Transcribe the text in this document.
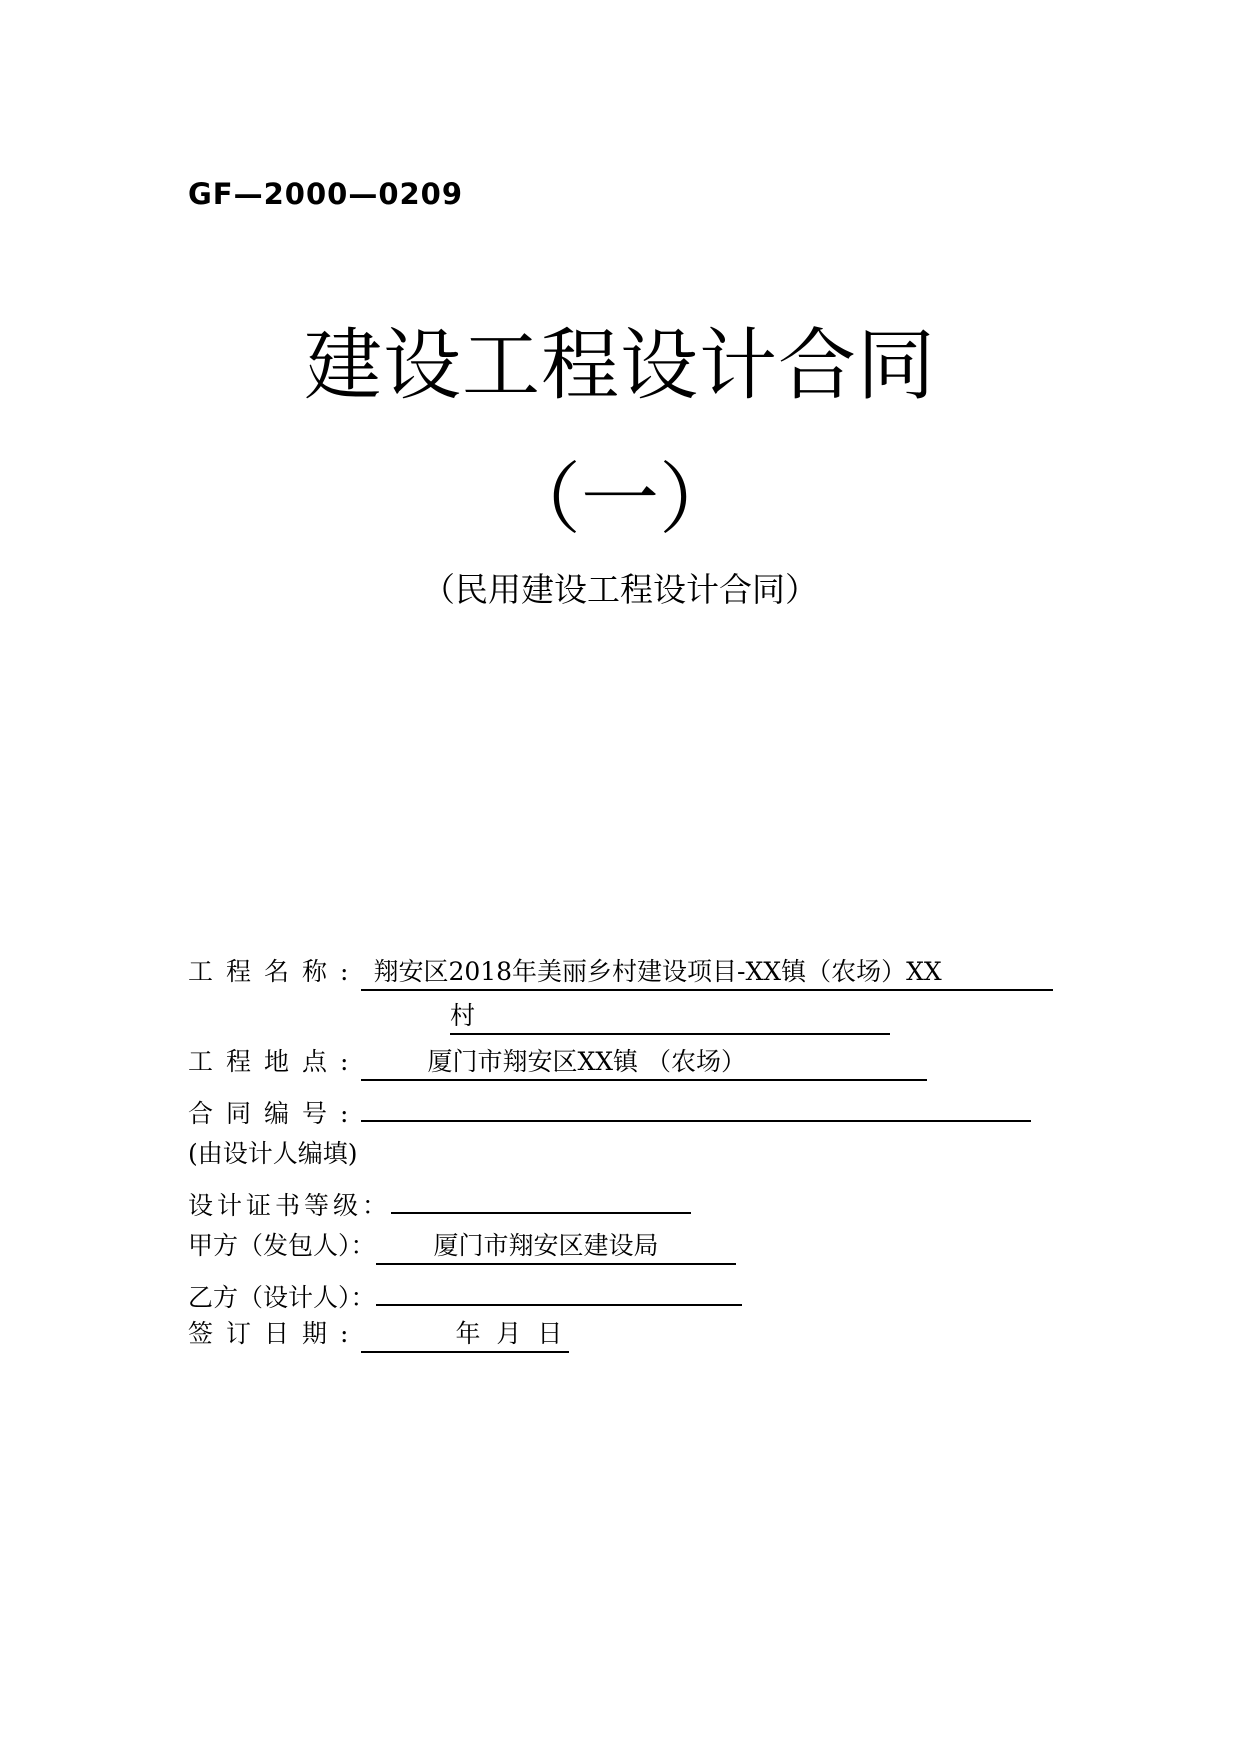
GF—2000—0209
建设工程设计合同
（一）
（民用建设工程设计合同）
工程名称: 翔安区2018年美丽乡村建设项目-XX镇（农场）XX
村
工程地点:	厦门市翔安区XX镇 （农场）
合同编号:
(由设计人编填)
设计证书等级：
甲方（发包人）： 厦门市翔安区建设局
乙方（设计人）：
签订日期:	年 月 日
